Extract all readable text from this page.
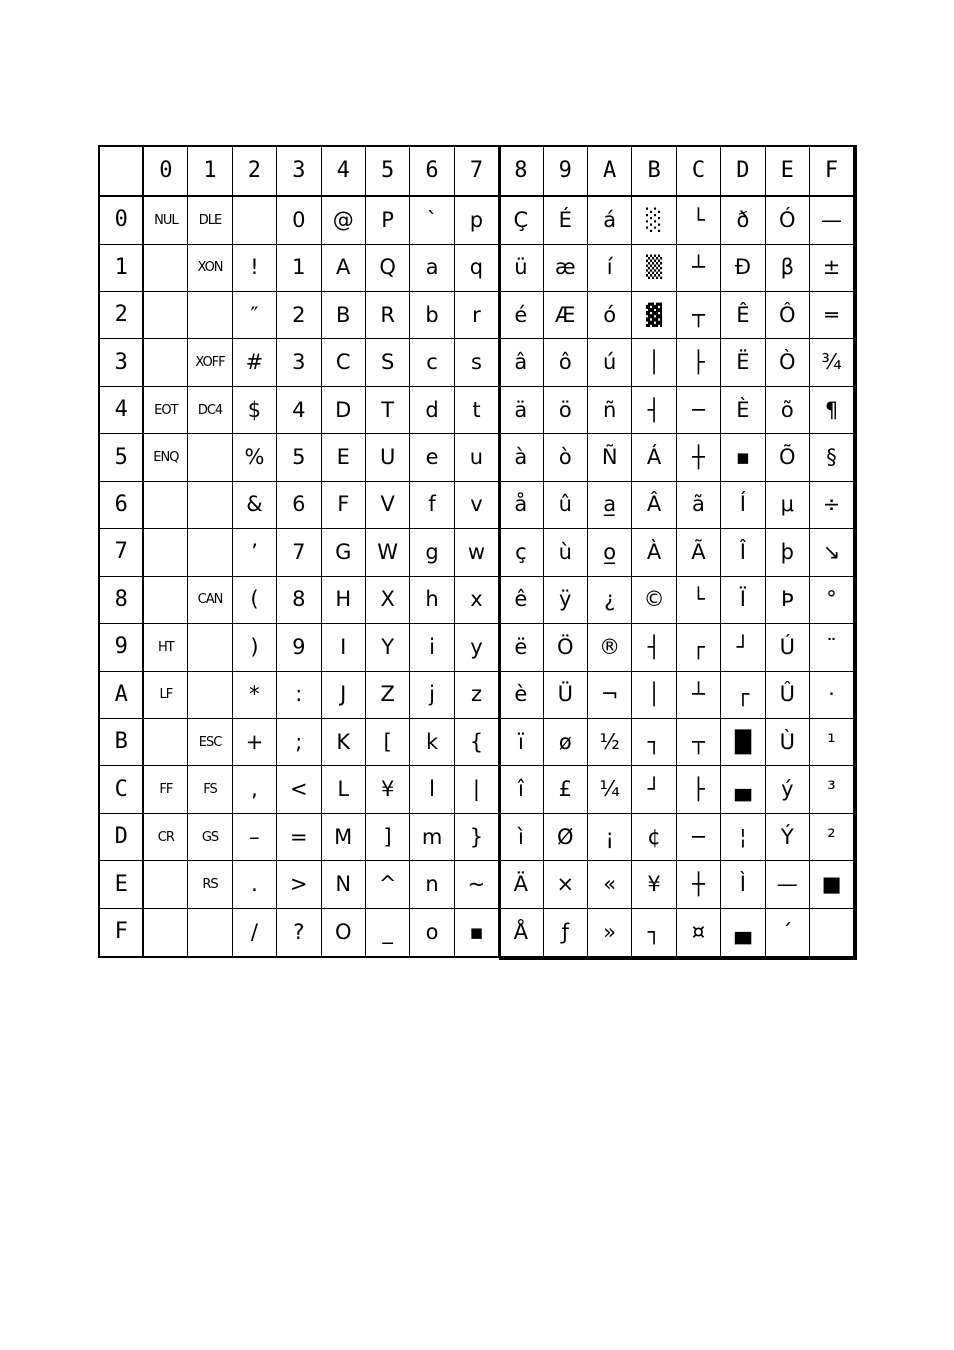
	0	1	2	3	4	5	6	7	8	9	A	B	C	D	E	F
0	NUL	DLE		0	@	P	`	p	Ç	É	á	░	└	ð	Ó	—
1		XON	!	1	A	Q	a	q	ü	æ	í	▒	┴	Ð	β	±
2			″	2	B	R	b	r	é	Æ	ó	▓	┬	Ê	Ô	═
3		XOFF	#	3	C	S	c	s	â	ô	ú	│	├	Ë	Ò	¾
4	EOT	DC4	$	4	D	T	d	t	ä	ö	ñ	┤	─	È	õ	¶
5	ENQ		%	5	E	U	e	u	à	ò	Ñ	Á	┼	▪	Õ	§
6			&	6	F	V	f	v	å	û	a̲	Â	ã	Í	μ	÷
7			’	7	G	W	g	w	ç	ù	o̲	À	Ã	Î	þ	↘
8		CAN	(	8	H	X	h	x	ê	ÿ	¿	©	└	Ï	Þ	°
9	HT		)	9	I	Y	i	y	ë	Ö	®	┤	┌	┘	Ú	¨
A	LF		*	:	J	Z	j	z	è	Ü	¬	│	┴	┌	Û	·
B		ESC	+	;	K	[	k	{	ï	ø	½	┐	┬	█	Ù	¹
C	FF	FS	,	<	L	¥	l	|	î	£	¼	┘	├	▄	ý	³
D	CR	GS	–	=	M	]	m	}	ì	Ø	¡	¢	─	¦	Ý	²
E		RS	.	>	N	^	n	~	Ä	×	«	¥	┼	Ì	—	■
F			/	?	O	_	o	▪	Å	ƒ	»	┐	¤	▄	´	
